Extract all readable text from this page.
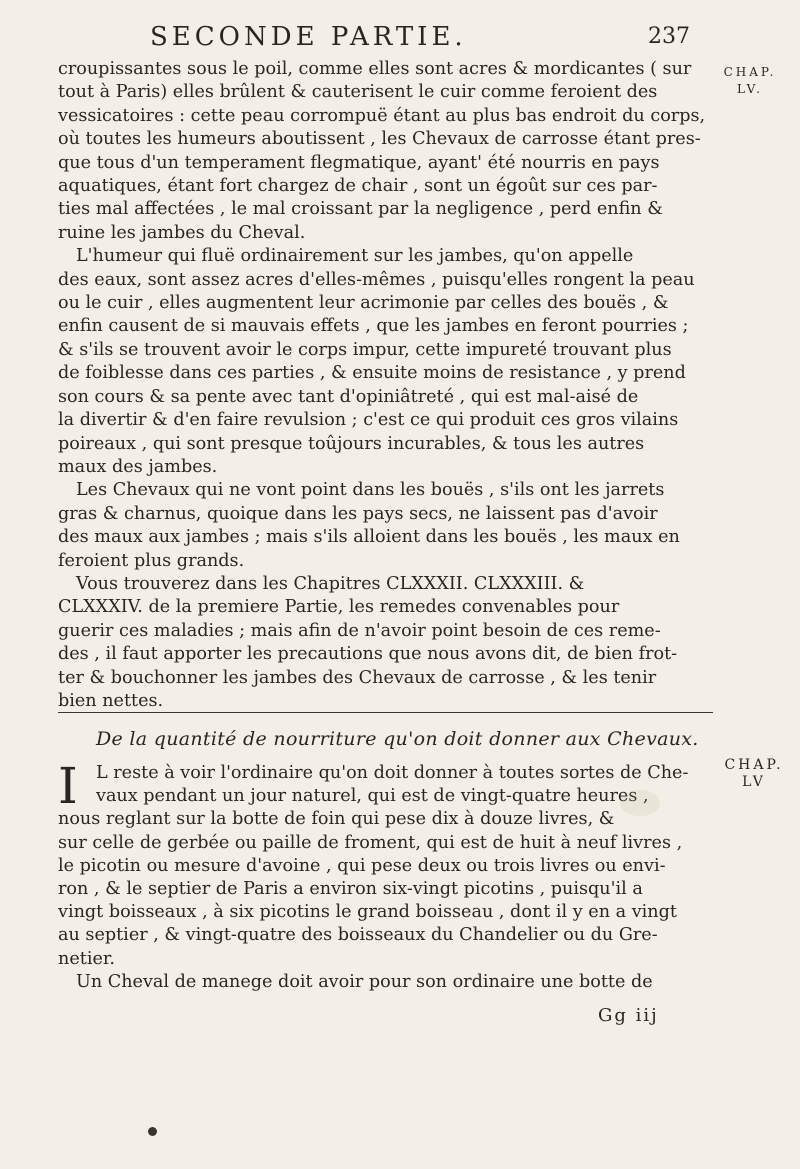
SECONDE PARTIE.	237
CHAP.
LV.

croupissantes sous le poil, comme elles sont acres & mordicantes ( sur
tout à Paris) elles brûlent & cauterisent le cuir comme feroient des
vessicatoires : cette peau corrompuë étant au plus bas endroit du corps,
où toutes les humeurs aboutissent , les Chevaux de carrosse étant pres-
que tous d'un temperament flegmatique, ayant' été nourris en pays
aquatiques, étant fort chargez de chair , sont un égoût sur ces par-
ties mal affectées , le mal croissant par la negligence , perd enfin &
ruine les jambes du Cheval.

L'humeur qui fluë ordinairement sur les jambes, qu'on appelle
des eaux, sont assez acres d'elles-mêmes , puisqu'elles rongent la peau
ou le cuir , elles augmentent leur acrimonie par celles des bouës , &
enfin causent de si mauvais effets , que les jambes en feront pourries ;
& s'ils se trouvent avoir le corps impur, cette impureté trouvant plus
de foiblesse dans ces parties , & ensuite moins de resistance , y prend
son cours & sa pente avec tant d'opiniâtreté , qui est mal-aisé de
la divertir & d'en faire revulsion ; c'est ce qui produit ces gros vilains
poireaux , qui sont presque toûjours incurables, & tous les autres
maux des jambes.

Les Chevaux qui ne vont point dans les bouës , s'ils ont les jarrets
gras & charnus, quoique dans les pays secs, ne laissent pas d'avoir
des maux aux jambes ; mais s'ils alloient dans les bouës , les maux en
feroient plus grands.

Vous trouverez dans les Chapitres CLXXXII. CLXXXIII. &
CLXXXIV. de la premiere Partie, les remedes convenables pour
guerir ces maladies ; mais afin de n'avoir point besoin de ces reme-
des , il faut apporter les precautions que nous avons dit, de bien frot-
ter & bouchonner les jambes des Chevaux de carrosse , & les tenir
bien nettes.

De la quantité de nourriture qu'on doit donner aux Chevaux.
CHAP.
LV
I	L reste à voir l'ordinaire qu'on doit donner à toutes sortes de Che-
vaux pendant un jour naturel, qui est de vingt-quatre heures ,
nous reglant sur la botte de foin qui pese dix à douze livres, &
sur celle de gerbée ou paille de froment, qui est de huit à neuf livres ,
le picotin ou mesure d'avoine , qui pese deux ou trois livres ou envi-
ron , & le septier de Paris a environ six-vingt picotins , puisqu'il a
vingt boisseaux , à six picotins le grand boisseau , dont il y en a vingt
au septier , & vingt-quatre des boisseaux du Chandelier ou du Gre-
netier.
Un Cheval de manege doit avoir pour son ordinaire une botte de
Gg iij
